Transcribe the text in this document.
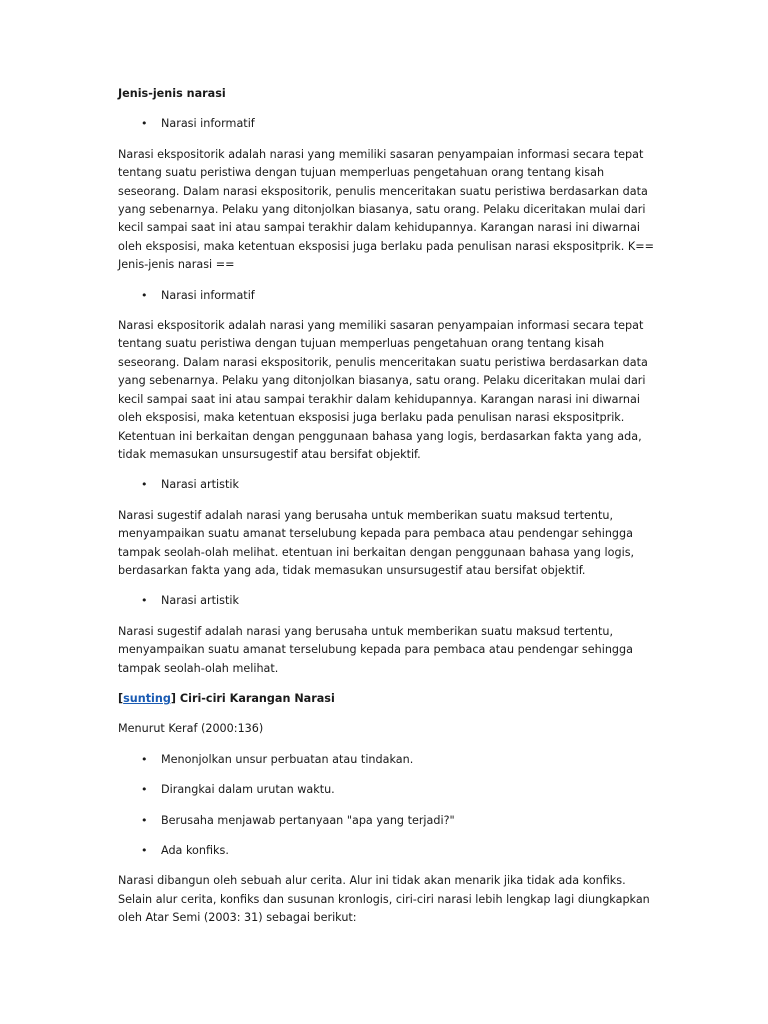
Jenis-jenis narasi

• Narasi informatif

Narasi ekspositorik adalah narasi yang memiliki sasaran penyampaian informasi secara tepat tentang suatu peristiwa dengan tujuan memperluas pengetahuan orang tentang kisah seseorang. Dalam narasi ekspositorik, penulis menceritakan suatu peristiwa berdasarkan data yang sebenarnya. Pelaku yang ditonjolkan biasanya, satu orang. Pelaku diceritakan mulai dari kecil sampai saat ini atau sampai terakhir dalam kehidupannya. Karangan narasi ini diwarnai oleh eksposisi, maka ketentuan eksposisi juga berlaku pada penulisan narasi ekspositprik. K== Jenis-jenis narasi ==

• Narasi informatif

Narasi ekspositorik adalah narasi yang memiliki sasaran penyampaian informasi secara tepat tentang suatu peristiwa dengan tujuan memperluas pengetahuan orang tentang kisah seseorang. Dalam narasi ekspositorik, penulis menceritakan suatu peristiwa berdasarkan data yang sebenarnya. Pelaku yang ditonjolkan biasanya, satu orang. Pelaku diceritakan mulai dari kecil sampai saat ini atau sampai terakhir dalam kehidupannya. Karangan narasi ini diwarnai oleh eksposisi, maka ketentuan eksposisi juga berlaku pada penulisan narasi ekspositprik. Ketentuan ini berkaitan dengan penggunaan bahasa yang logis, berdasarkan fakta yang ada, tidak memasukan unsursugestif atau bersifat objektif.

• Narasi artistik

Narasi sugestif adalah narasi yang berusaha untuk memberikan suatu maksud tertentu, menyampaikan suatu amanat terselubung kepada para pembaca atau pendengar sehingga tampak seolah-olah melihat. etentuan ini berkaitan dengan penggunaan bahasa yang logis, berdasarkan fakta yang ada, tidak memasukan unsursugestif atau bersifat objektif.

• Narasi artistik

Narasi sugestif adalah narasi yang berusaha untuk memberikan suatu maksud tertentu, menyampaikan suatu amanat terselubung kepada para pembaca atau pendengar sehingga tampak seolah-olah melihat.

[sunting] Ciri-ciri Karangan Narasi

Menurut Keraf (2000:136)

• Menonjolkan unsur perbuatan atau tindakan.
• Dirangkai dalam urutan waktu.
• Berusaha menjawab pertanyaan "apa yang terjadi?"
• Ada konfiks.

Narasi dibangun oleh sebuah alur cerita. Alur ini tidak akan menarik jika tidak ada konfiks. Selain alur cerita, konfiks dan susunan kronlogis, ciri-ciri narasi lebih lengkap lagi diungkapkan oleh Atar Semi (2003: 31) sebagai berikut:
